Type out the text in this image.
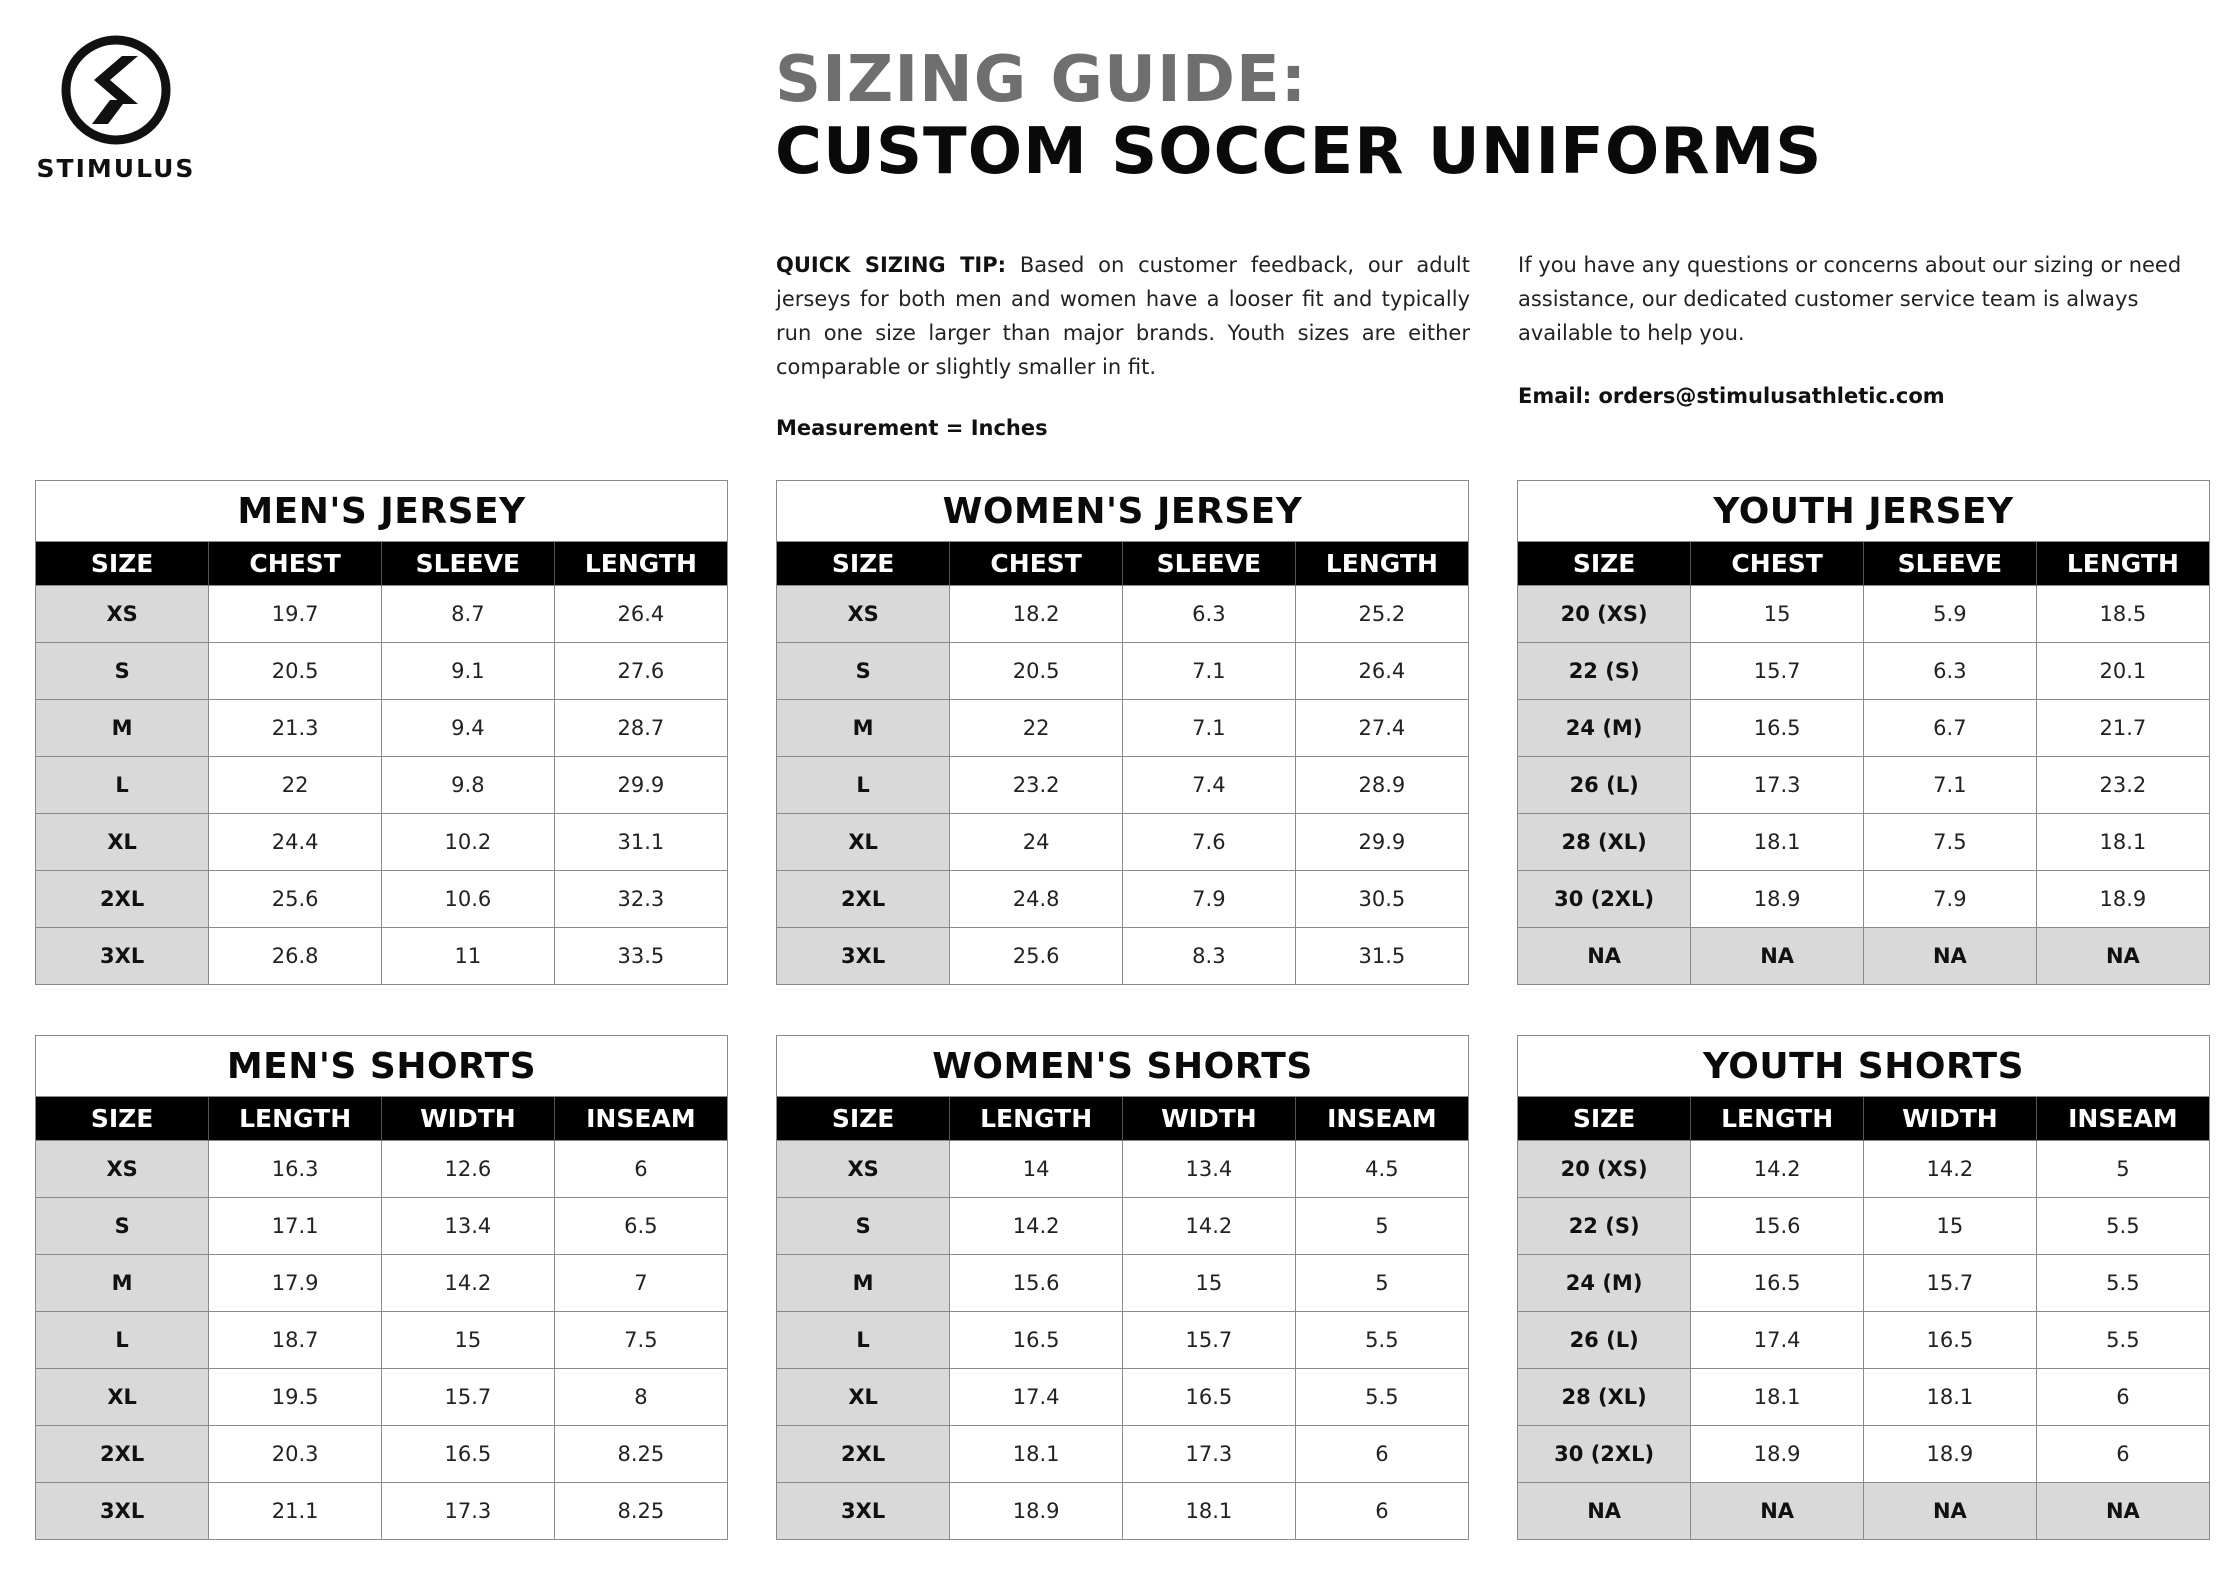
STIMULUS
SIZING GUIDE:
CUSTOM SOCCER UNIFORMS
QUICK SIZING TIP: Based on customer feedback, our adult jerseys for both men and women have a looser fit and typically run one size larger than major brands. Youth sizes are either comparable or slightly smaller in fit.
Measurement = Inches
If you have any questions or concerns about our sizing or need assistance, our dedicated customer service team is always available to help you.
Email: orders@stimulusathletic.com
MEN'S JERSEY
SIZE	CHEST	SLEEVE	LENGTH
XS	19.7	8.7	26.4
S	20.5	9.1	27.6
M	21.3	9.4	28.7
L	22	9.8	29.9
XL	24.4	10.2	31.1
2XL	25.6	10.6	32.3
3XL	26.8	11	33.5
WOMEN'S JERSEY
SIZE	CHEST	SLEEVE	LENGTH
XS	18.2	6.3	25.2
S	20.5	7.1	26.4
M	22	7.1	27.4
L	23.2	7.4	28.9
XL	24	7.6	29.9
2XL	24.8	7.9	30.5
3XL	25.6	8.3	31.5
YOUTH JERSEY
SIZE	CHEST	SLEEVE	LENGTH
20 (XS)	15	5.9	18.5
22 (S)	15.7	6.3	20.1
24 (M)	16.5	6.7	21.7
26 (L)	17.3	7.1	23.2
28 (XL)	18.1	7.5	18.1
30 (2XL)	18.9	7.9	18.9
NA	NA	NA	NA
MEN'S SHORTS
SIZE	LENGTH	WIDTH	INSEAM
XS	16.3	12.6	6
S	17.1	13.4	6.5
M	17.9	14.2	7
L	18.7	15	7.5
XL	19.5	15.7	8
2XL	20.3	16.5	8.25
3XL	21.1	17.3	8.25
WOMEN'S SHORTS
SIZE	LENGTH	WIDTH	INSEAM
XS	14	13.4	4.5
S	14.2	14.2	5
M	15.6	15	5
L	16.5	15.7	5.5
XL	17.4	16.5	5.5
2XL	18.1	17.3	6
3XL	18.9	18.1	6
YOUTH SHORTS
SIZE	LENGTH	WIDTH	INSEAM
20 (XS)	14.2	14.2	5
22 (S)	15.6	15	5.5
24 (M)	16.5	15.7	5.5
26 (L)	17.4	16.5	5.5
28 (XL)	18.1	18.1	6
30 (2XL)	18.9	18.9	6
NA	NA	NA	NA
